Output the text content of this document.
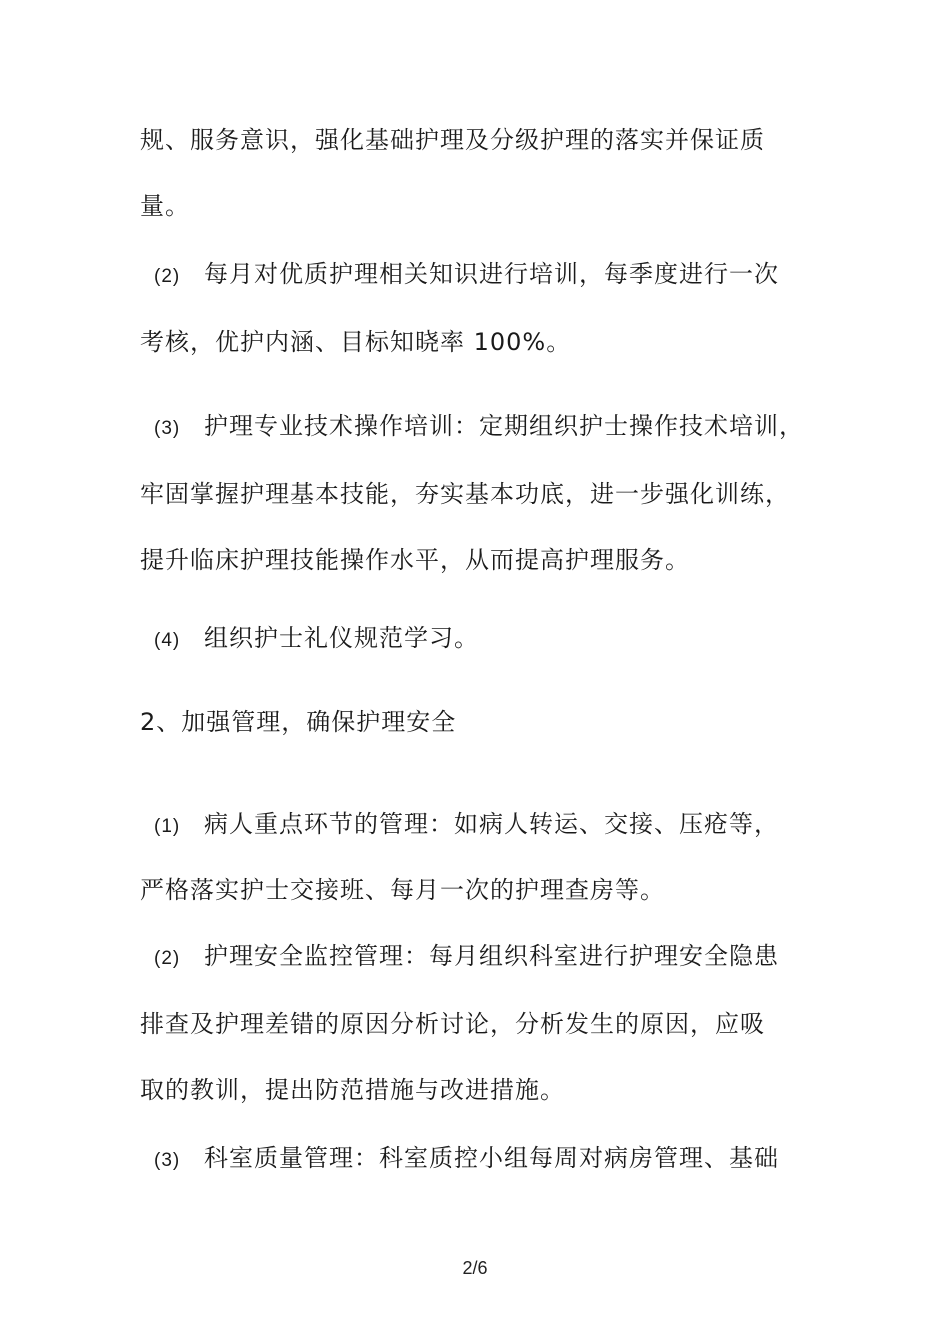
规、服务意识，强化基础护理及分级护理的落实并保证质
量。
(2) 每月对优质护理相关知识进行培训，每季度进行一次
考核，优护内涵、目标知晓率 100%。
(3) 护理专业技术操作培训：定期组织护士操作技术培训，
牢固掌握护理基本技能，夯实基本功底，进一步强化训练，
提升临床护理技能操作水平，从而提高护理服务。
(4) 组织护士礼仪规范学习。
2、加强管理，确保护理安全
(1) 病人重点环节的管理：如病人转运、交接、压疮等，
严格落实护士交接班、每月一次的护理查房等。
(2) 护理安全监控管理：每月组织科室进行护理安全隐患
排查及护理差错的原因分析讨论，分析发生的原因，应吸
取的教训，提出防范措施与改进措施。
(3) 科室质量管理：科室质控小组每周对病房管理、基础
2/6
